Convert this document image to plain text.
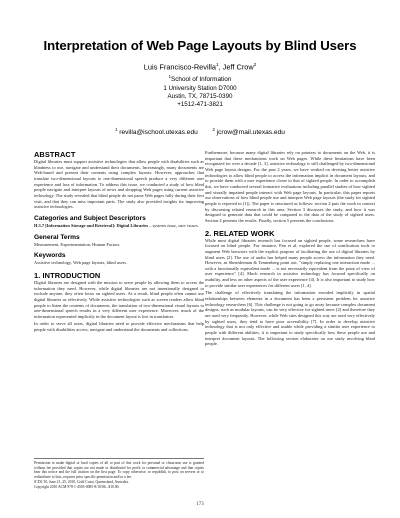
Interpretation of Web Page Layouts by Blind Users
Luis Francisco-Revilla$^1$, Jeff Crow$^2$
$^1$School of Information
1 University Station D7000
Austin, TX, 78715-0390
+1512-471-3821
$^1$ revilla@ischool.utexas.edu	$^2$ jcrow@mail.utexas.edu
ABSTRACT

Digital libraries must support assistive technologies that allow people with disabilities such as blindness to use, navigate and understand their documents. Increasingly, many documents are Web-based and present their contents using complex layouts. However, approaches that translate two-dimensional layouts to one-dimensional speech produce a very different user experience and loss of information. To address this issue, we conducted a study of how blind people navigate and interpret layouts of news and shopping Web pages using current assistive technology. The study revealed that blind people do not parse Web pages fully during their first visit, and that they can miss important parts. The study also provided insights for improving assistive technologies.

Categories and Subject Descriptors

H.3.7 [Information Storage and Retrieval]: Digital Libraries – systems issue, user issues.

General Terms

Measurement, Experimentation, Human Factors.

Keywords

Assistive technology, Web page layouts, blind users.

1. INTRODUCTION

Digital libraries are designed with the mission to serve people by allowing them to access the information they need. However, while digital libraries are not intentionally designed to exclude anyone, they often focus on sighted users. As a result, blind people often cannot use digital libraries as effectively. While assistive technologies such as screen readers allow blind people to listen the contents of documents, the translation of two-dimensional visual layouts to one-dimensional speech results in a very different user experience. Moreover, much of the information represented implicitly in the document layout is lost in translation.

In order to serve all users, digital libraries need to provide effective mechanisms that help people with disabilities access, navigate and understand the documents and collections.

Permission to make digital or hard copies of all or part of this work for personal or classroom use is granted without fee provided that copies are not made or distributed for profit or commercial advantage and that copies bear this notice and the full citation on the first page. To copy otherwise, or republish, to post on servers or to redistribute to lists, requires prior specific permission and/or a fee.

JCDL'10, June 21–25, 2010, Gold Coast, Queensland, Australia.

Copyright 2010 ACM 978-1-4503-0085-8/10/06...$10.00.

Furthermore, because many digital libraries rely on pointers to documents on the Web, it is important that these mechanisms work on Web pages. While these limitations have been recognized for over a decade [1, 3], assistive technology is still challenged by two-dimensional Web page layout designs. For the past 2 years, we have worked on devising better assistive technologies to allow blind people to access the information implicit in document layouts, and to provide them with a user experience closer to that of sighted people. In order to accomplish this, we have conducted several formative evaluations including parallel studies of how sighted and visually impaired people interact with Web page layouts. In particular, this paper reports our observations of how blind people use and interpret Web page layouts (the study for sighted people is reported in [1]). The paper is structured as follows: section 2 puts the work in context by discussing related research in this area. Section 3 discusses the study, and how it was designed to generate data that could be compared to the data of the study of sighted users. Section 4 presents the results. Finally, section 5 presents the conclusions.

2. RELATED WORK

While most digital libraries research has focused on sighted people, some researchers have focused on blind people. For instance, Pan et al. explored the use of sonification tools to augment Web browsers with the explicit purpose of facilitating the use of digital libraries by blind users [2]. The use of audio has helped many people access the information they need. However, as Shneiderman & Tennenberg point out, "simply replacing one interaction mode ... with a functionally equivalent mode ... is not necessarily equivalent from the point of view of user experience" [4]. Much research in assistive technology has focused specifically on usability, and less on other aspects of the user experience [4]. It is also important to study how to provide similar user experiences for different users [1, 4].

The challenge of effectively translating the information encoded implicitly in spatial relationships between elements in a document has been a persistent problem for assistive technology researchers [6]. This challenge is not going to go away because complex document designs, such as modular layouts, can be very effective for sighted users [2] and therefore they are used very frequently. However, while Web sites designed this way are used very effectively by sighted users, they tend to have poor accessibility [7]. In order to develop assistive technology that is not only effective and usable while providing a similar user experience to people with different abilities, it is important to study specifically how these people use and interpret document layouts. The following section elaborates on our study involving blind people.

173
